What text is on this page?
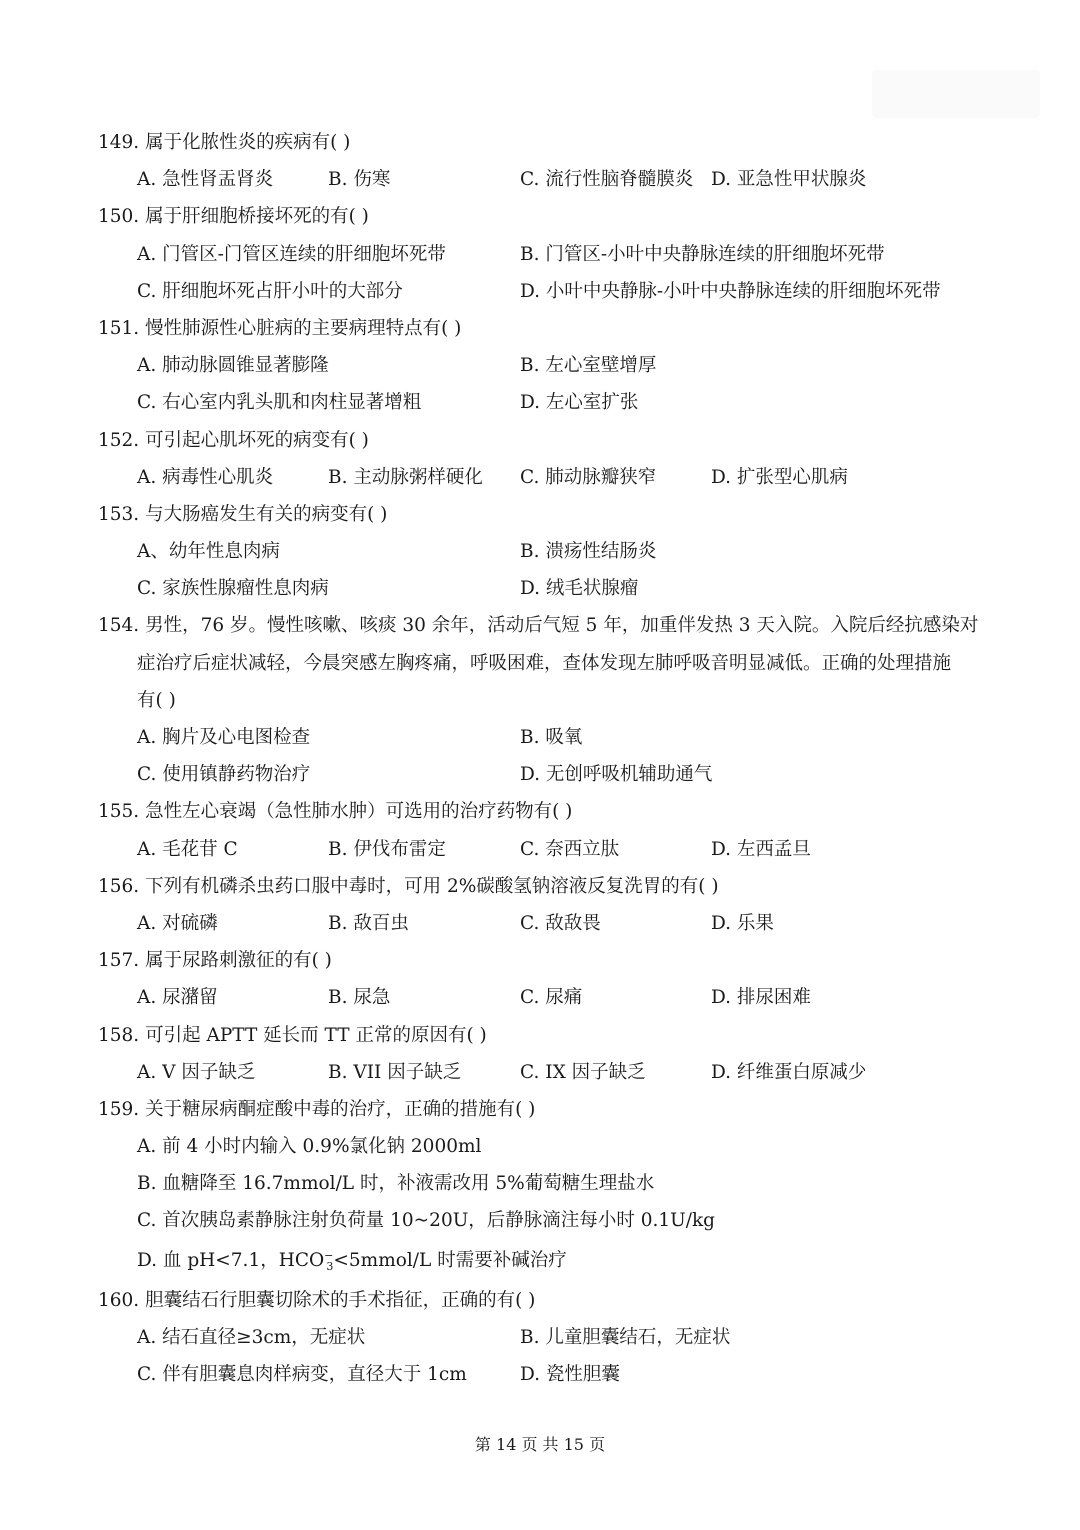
149. 属于化脓性炎的疾病有( )
A. 急性肾盂肾炎	B. 伤寒	C. 流行性脑脊髓膜炎 D. 亚急性甲状腺炎
150. 属于肝细胞桥接坏死的有( )
A. 门管区-门管区连续的肝细胞坏死带	B. 门管区-小叶中央静脉连续的肝细胞坏死带
C. 肝细胞坏死占肝小叶的大部分	D. 小叶中央静脉-小叶中央静脉连续的肝细胞坏死带
151. 慢性肺源性心脏病的主要病理特点有( )
A. 肺动脉圆锥显著膨隆	B. 左心室壁增厚
C. 右心室内乳头肌和肉柱显著增粗	D. 左心室扩张
152. 可引起心肌坏死的病变有( )
A. 病毒性心肌炎	B. 主动脉粥样硬化 C. 肺动脉瓣狭窄	D. 扩张型心肌病
153. 与大肠癌发生有关的病变有( )
A、幼年性息肉病	B. 溃疡性结肠炎
C. 家族性腺瘤性息肉病	D. 绒毛状腺瘤
154. 男性，76 岁。慢性咳嗽、咳痰 30 余年，活动后气短 5 年，加重伴发热 3 天入院。入院后经抗感染对
症治疗后症状减轻，今晨突感左胸疼痛，呼吸困难，查体发现左肺呼吸音明显减低。正确的处理措施
有( )
A. 胸片及心电图检查	B. 吸氧
C. 使用镇静药物治疗	D. 无创呼吸机辅助通气
155. 急性左心衰竭（急性肺水肿）可选用的治疗药物有( )
A. 毛花苷 C	B. 伊伐布雷定	C. 奈西立肽	D. 左西孟旦
156. 下列有机磷杀虫药口服中毒时，可用 2%碳酸氢钠溶液反复洗胃的有( )
A. 对硫磷	B. 敌百虫	C. 敌敌畏	D. 乐果
157. 属于尿路刺激征的有( )
A. 尿潴留	B. 尿急	C. 尿痛	D. 排尿困难
158. 可引起 APTT 延长而 TT 正常的原因有( )
A. V 因子缺乏	B. VII 因子缺乏	C. IX 因子缺乏	D. 纤维蛋白原减少
159. 关于糖尿病酮症酸中毒的治疗，正确的措施有( )
A. 前 4 小时内输入 0.9%氯化钠 2000ml
B. 血糖降至 16.7mmol/L 时，补液需改用 5%葡萄糖生理盐水
C. 首次胰岛素静脉注射负荷量 10~20U，后静脉滴注每小时 0.1U/kg
D. 血 pH<7.1，$HCO^-_3<5mmol/L$ 时需要补碱治疗
160. 胆囊结石行胆囊切除术的手术指征，正确的有( )
A. 结石直径≥3cm，无症状	B. 儿童胆囊结石，无症状
C. 伴有胆囊息肉样病变，直径大于 1cm	D. 瓷性胆囊
第 14 页 共 15 页
